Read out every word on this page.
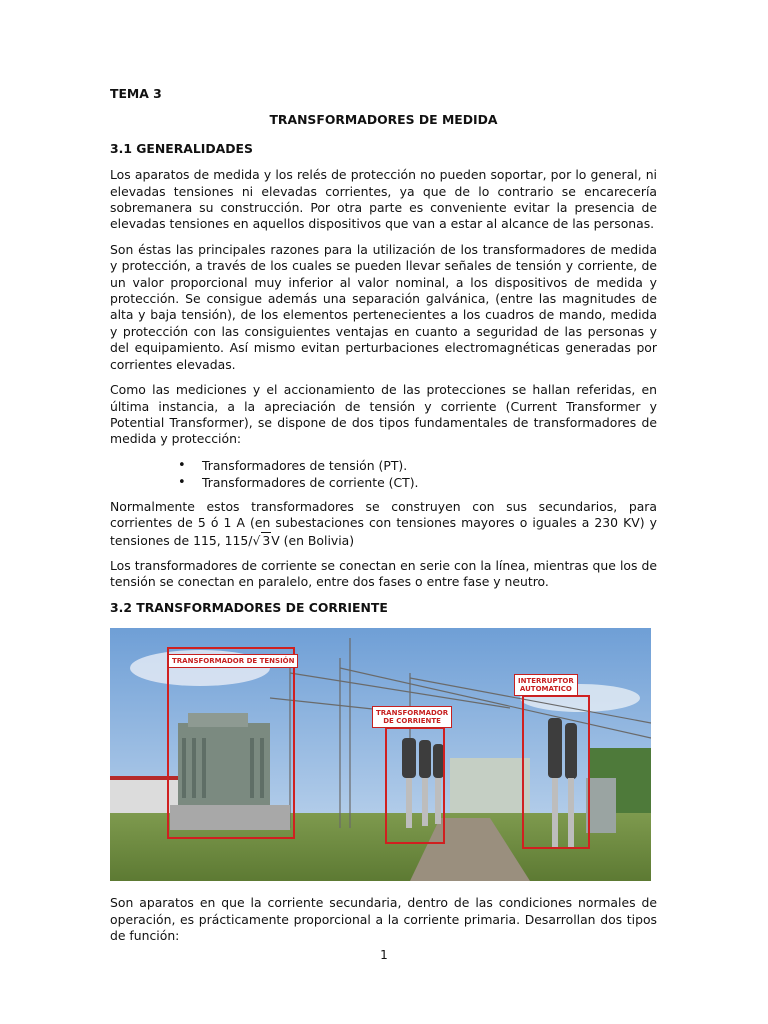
TEMA 3
TRANSFORMADORES DE MEDIDA
3.1 GENERALIDADES

Los aparatos de medida y los relés de protección no pueden soportar, por lo general, ni elevadas tensiones ni elevadas corrientes, ya que de lo contrario se encarecería sobremanera su construcción. Por otra parte es conveniente evitar la presencia de elevadas tensiones en aquellos dispositivos que van a estar al alcance de las personas.

Son éstas las principales razones para la utilización de los transformadores de medida y protección, a través de los cuales se pueden llevar señales de tensión y corriente, de un valor proporcional muy inferior al valor nominal, a los dispositivos de medida y protección. Se consigue además una separación galvánica, (entre las magnitudes de alta y baja tensión), de los elementos pertenecientes a los cuadros de mando, medida y protección con las consiguientes ventajas en cuanto a seguridad de las personas y del equipamiento. Así mismo evitan perturbaciones electromagnéticas generadas por corrientes elevadas.

Como las mediciones y el accionamiento de las protecciones se hallan referidas, en última instancia, a la apreciación de tensión y corriente (Current Transformer y Potential Transformer), se dispone de dos tipos fundamentales de transformadores de medida y protección:

• Transformadores de tensión (PT).
• Transformadores de corriente (CT).

Normalmente estos transformadores se construyen con sus secundarios, para corrientes de 5 ó 1 A (en subestaciones con tensiones mayores o iguales a 230 KV) y tensiones de 115, 115/√ 3V (en Bolivia)

Los transformadores de corriente se conectan en serie con la línea, mientras que los de tensión se conectan en paralelo, entre dos fases o entre fase y neutro.

3.2 TRANSFORMADORES DE CORRIENTE
TRANSFORMADOR DE TENSIÓN
TRANSFORMADOR
DE CORRIENTE
INTERRUPTOR
AUTOMATICO

Son aparatos en que la corriente secundaria, dentro de las condiciones normales de operación, es prácticamente proporcional a la corriente primaria. Desarrollan dos tipos de función:

1
